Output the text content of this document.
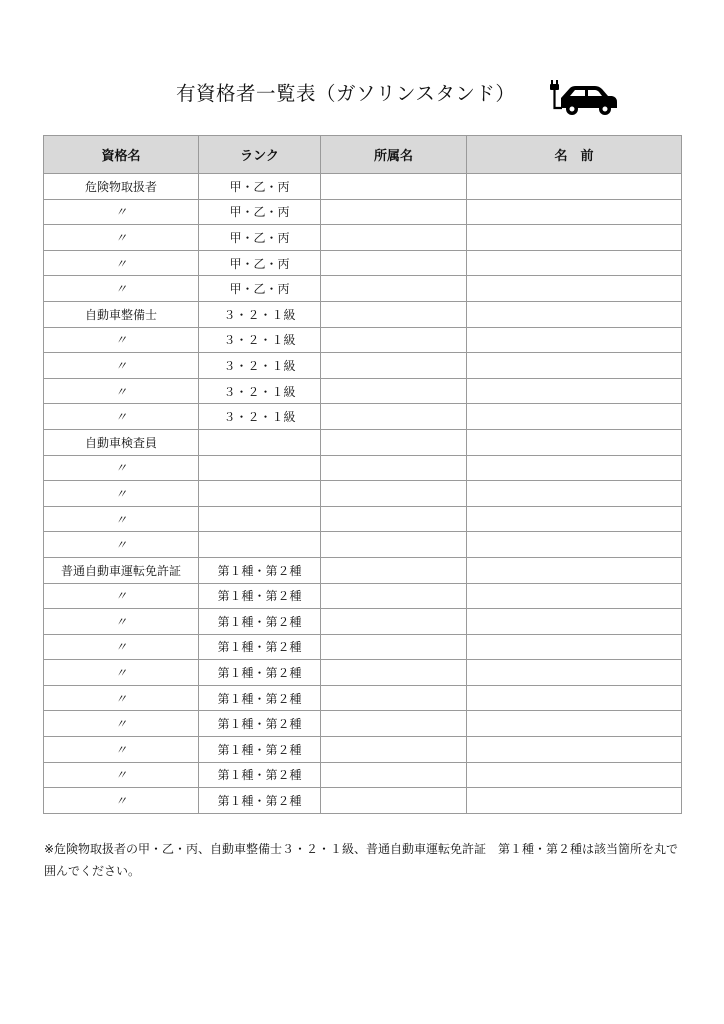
有資格者一覧表（ガソリンスタンド）
資格名	ランク	所属名	名　前
危険物取扱者	甲・乙・丙		
〃	甲・乙・丙		
〃	甲・乙・丙		
〃	甲・乙・丙		
〃	甲・乙・丙		
自動車整備士	３・２・１級		
〃	３・２・１級		
〃	３・２・１級		
〃	３・２・１級		
〃	３・２・１級		
自動車検査員			
〃			
〃			
〃			
〃			
普通自動車運転免許証	第１種・第２種		
〃	第１種・第２種		
〃	第１種・第２種		
〃	第１種・第２種		
〃	第１種・第２種		
〃	第１種・第２種		
〃	第１種・第２種		
〃	第１種・第２種		
〃	第１種・第２種		
〃	第１種・第２種		
※危険物取扱者の甲・乙・丙、自動車整備士３・２・１級、普通自動車運転免許証　第１種・第２種は該当箇所を丸で囲んでください。
